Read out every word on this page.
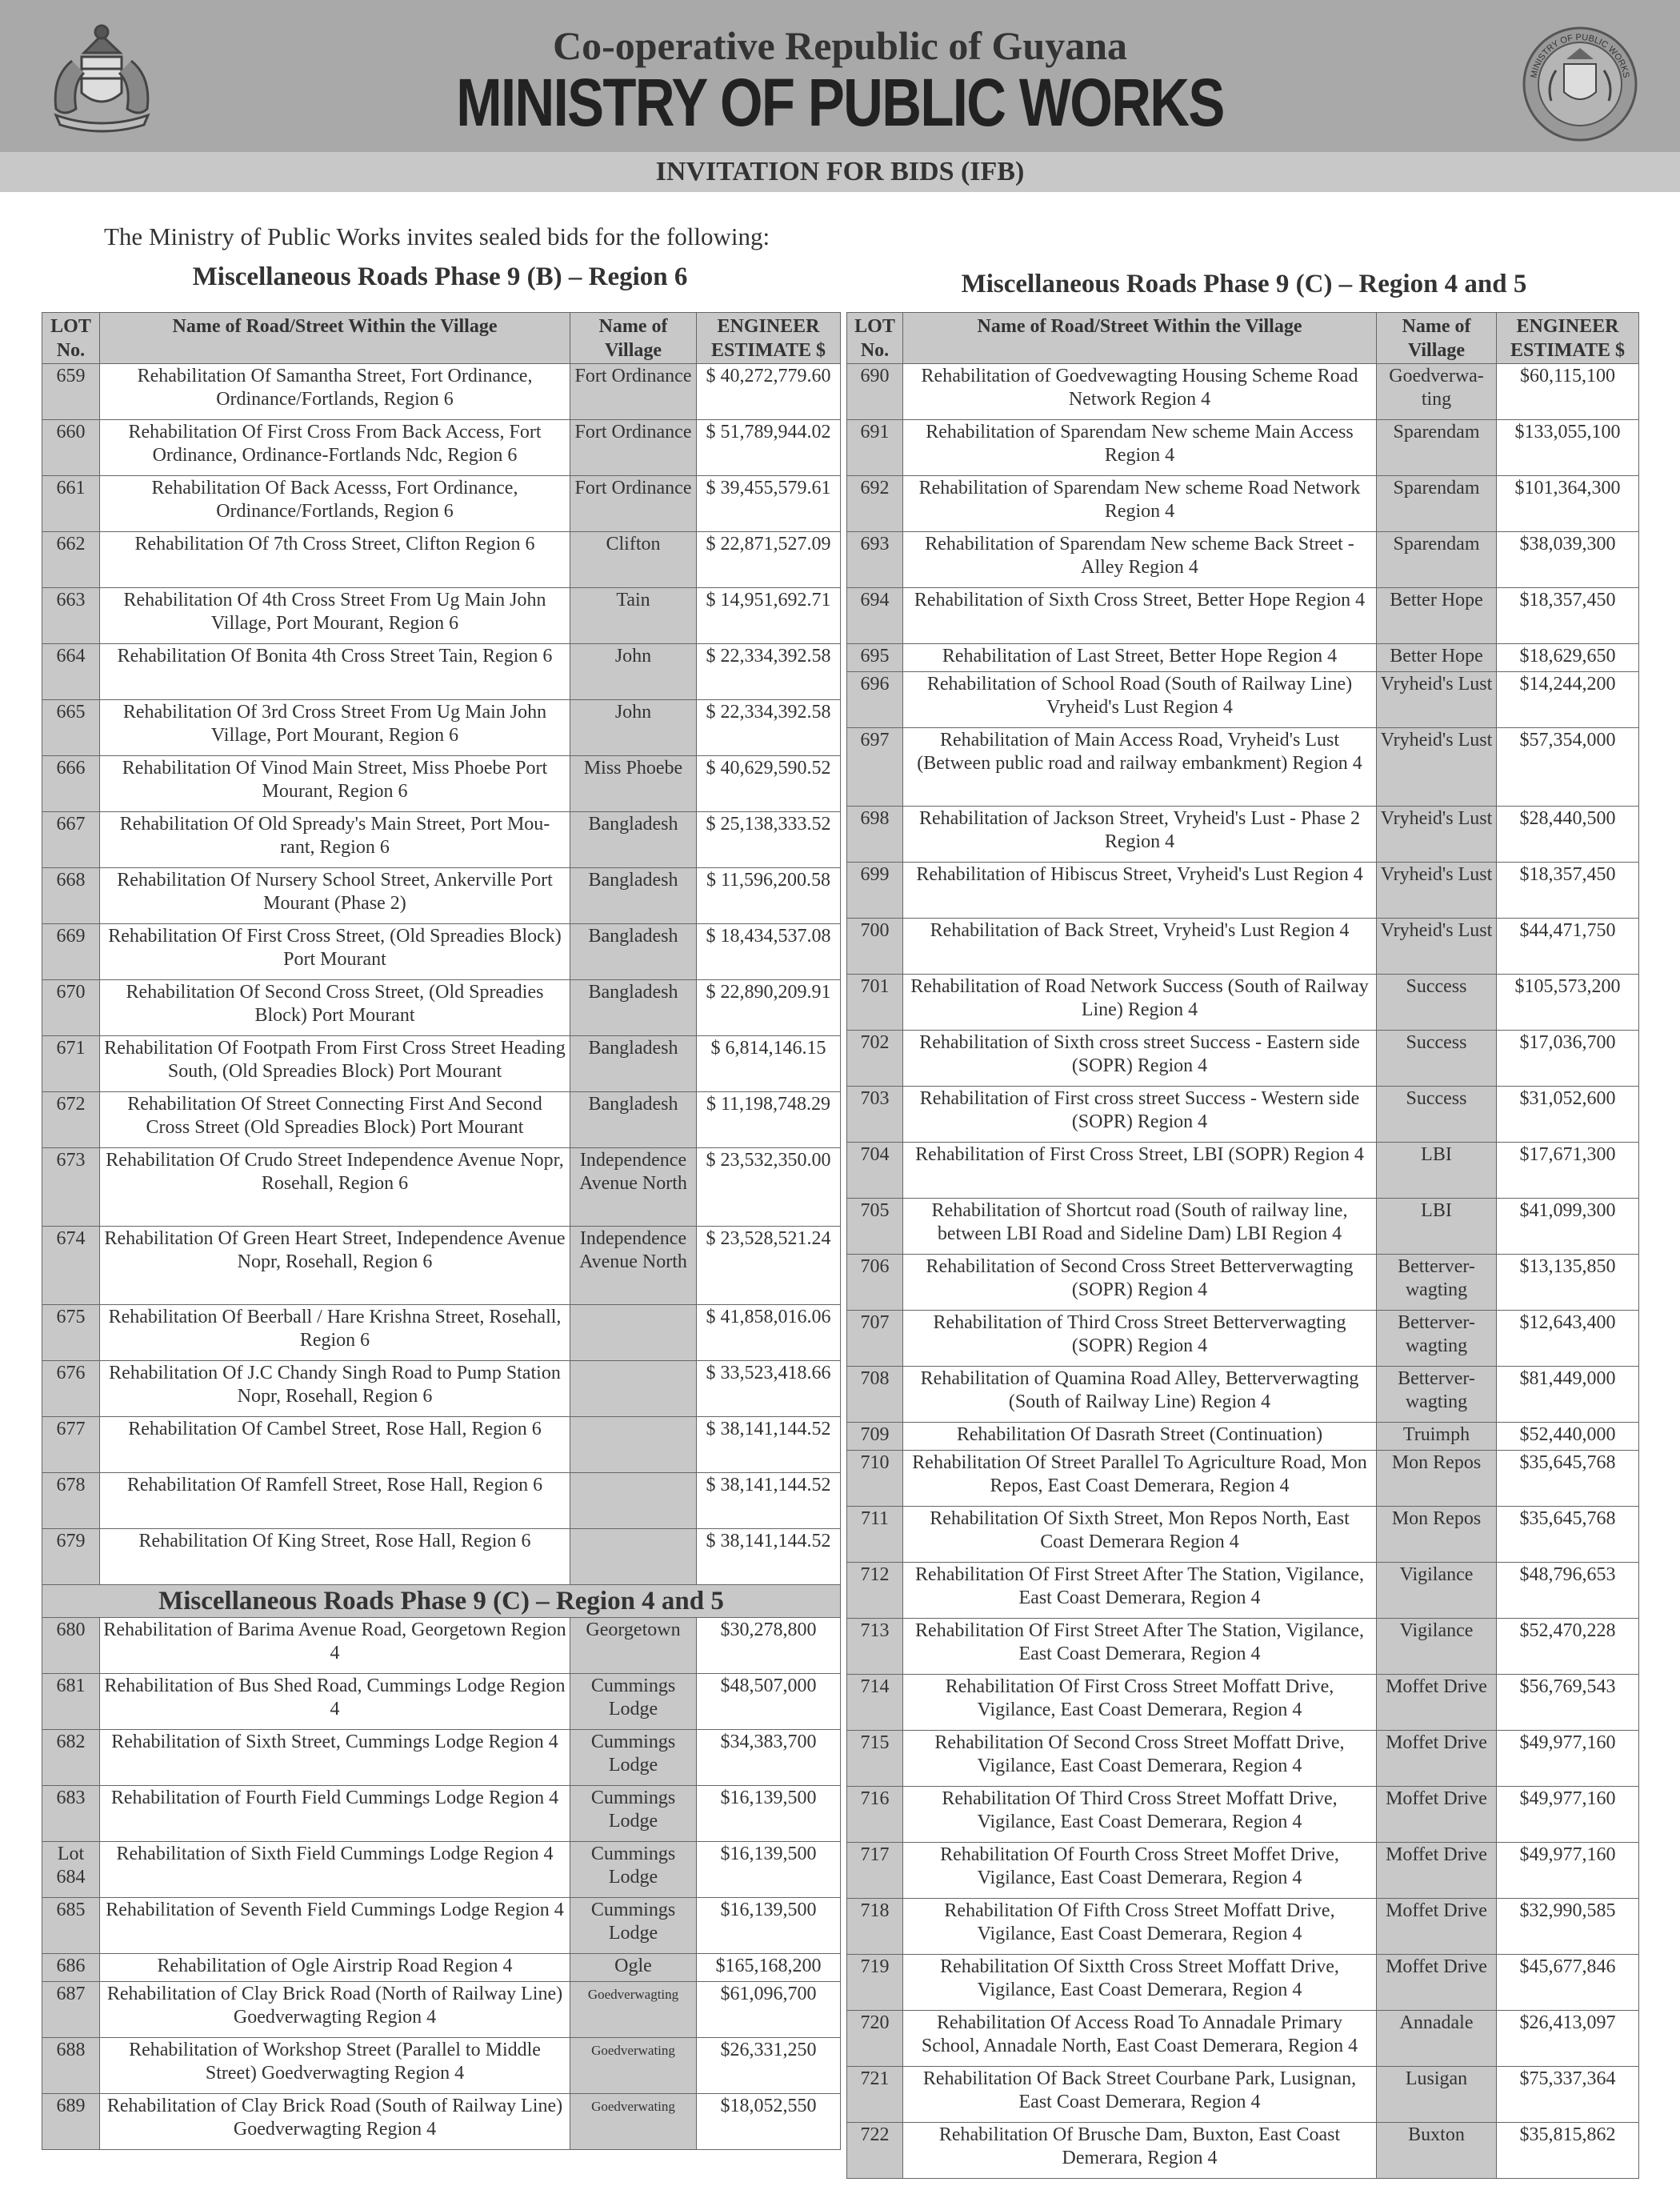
MINISTRY OF PUBLIC WORKS
Co-operative Republic of Guyana
MINISTRY OF PUBLIC WORKS
INVITATION FOR BIDS (IFB)
The Ministry of Public Works invites sealed bids for the following:
Miscellaneous Roads Phase 9 (B) – Region 6	Miscellaneous Roads Phase 9 (C) – Region 4 and 5
LOT No.	Name of Road/Street Within the Village	Name of Village	ENGINEER ESTIMATE $
659	Rehabilitation Of Samantha Street, Fort Ordinance, Ordinance/Fortlands, Region 6	Fort Ordinance	$ 40,272,779.60
660	Rehabilitation Of First Cross From Back Access, Fort Ordinance, Ordinance-Fortlands Ndc, Region 6	Fort Ordinance	$ 51,789,944.02
661	Rehabilitation Of Back Acesss, Fort Ordinance, Ordinance/Fortlands, Region 6	Fort Ordinance	$ 39,455,579.61
662	Rehabilitation Of 7th Cross Street, Clifton Region 6	Clifton	$ 22,871,527.09
663	Rehabilitation Of 4th Cross Street From Ug Main John Village, Port Mourant, Region 6	Tain	$ 14,951,692.71
664	Rehabilitation Of Bonita 4th Cross Street Tain, Region 6	John	$ 22,334,392.58
665	Rehabilitation Of 3rd Cross Street From Ug Main John Village, Port Mourant, Region 6	John	$ 22,334,392.58
666	Rehabilitation Of Vinod Main Street, Miss Phoebe Port Mourant, Region 6	Miss Phoebe	$ 40,629,590.52
667	Rehabilitation Of Old Spready's Main Street, Port Mou-rant, Region 6	Bangladesh	$ 25,138,333.52
668	Rehabilitation Of Nursery School Street, Ankerville Port Mourant (Phase 2)	Bangladesh	$ 11,596,200.58
669	Rehabilitation Of First Cross Street, (Old Spreadies Block) Port Mourant	Bangladesh	$ 18,434,537.08
670	Rehabilitation Of Second Cross Street, (Old Spreadies Block) Port Mourant	Bangladesh	$ 22,890,209.91
671	Rehabilitation Of Footpath From First Cross Street Heading South, (Old Spreadies Block) Port Mourant	Bangladesh	$ 6,814,146.15
672	Rehabilitation Of Street Connecting First And Second Cross Street (Old Spreadies Block) Port Mourant	Bangladesh	$ 11,198,748.29
673	Rehabilitation Of Crudo Street Independence Avenue Nopr, Rosehall, Region 6	Independence Avenue North	$ 23,532,350.00
674	Rehabilitation Of Green Heart Street, Independence Avenue Nopr, Rosehall, Region 6	Independence Avenue North	$ 23,528,521.24
675	Rehabilitation Of Beerball / Hare Krishna Street, Rosehall, Region 6		$ 41,858,016.06
676	Rehabilitation Of J.C Chandy Singh Road to Pump Station Nopr, Rosehall, Region 6		$ 33,523,418.66
677	Rehabilitation Of Cambel Street, Rose Hall, Region 6		$ 38,141,144.52
678	Rehabilitation Of Ramfell Street, Rose Hall, Region 6		$ 38,141,144.52
679	Rehabilitation Of King Street, Rose Hall, Region 6		$ 38,141,144.52
Miscellaneous Roads Phase 9 (C) – Region 4 and 5			
680	Rehabilitation of Barima Avenue Road, Georgetown Region 4	Georgetown	$30,278,800
681	Rehabilitation of Bus Shed Road, Cummings Lodge Region 4	Cummings Lodge	$48,507,000
682	Rehabilitation of Sixth Street, Cummings Lodge Region 4	Cummings Lodge	$34,383,700
683	Rehabilitation of Fourth Field Cummings Lodge Region 4	Cummings Lodge	$16,139,500
Lot 684	Rehabilitation of Sixth Field Cummings Lodge Region 4	Cummings Lodge	$16,139,500
685	Rehabilitation of Seventh Field Cummings Lodge Region 4	Cummings Lodge	$16,139,500
686	Rehabilitation of Ogle Airstrip Road Region 4	Ogle	$165,168,200
687	Rehabilitation of Clay Brick Road (North of Railway Line) Goedverwagting Region 4	Goedverwagting	$61,096,700
688	Rehabilitation of Workshop Street (Parallel to Middle Street) Goedverwagting Region 4	Goedverwating	$26,331,250
689	Rehabilitation of Clay Brick Road (South of Railway Line) Goedverwagting Region 4	Goedverwating	$18,052,550
LOT No.	Name of Road/Street Within the Village	Name of Village	ENGINEER ESTIMATE $
690	Rehabilitation of Goedvewagting Housing Scheme Road Network Region 4	Goedverwa-ting	$60,115,100
691	Rehabilitation of Sparendam New scheme Main Access Region 4	Sparendam	$133,055,100
692	Rehabilitation of Sparendam New scheme Road Network Region 4	Sparendam	$101,364,300
693	Rehabilitation of Sparendam New scheme Back Street - Alley Region 4	Sparendam	$38,039,300
694	Rehabilitation of Sixth Cross Street, Better Hope Region 4	Better Hope	$18,357,450
695	Rehabilitation of Last Street, Better Hope Region 4	Better Hope	$18,629,650
696	Rehabilitation of School Road (South of Railway Line) Vryheid's Lust Region 4	Vryheid's Lust	$14,244,200
697	Rehabilitation of Main Access Road, Vryheid's Lust (Between public road and railway embankment) Region 4	Vryheid's Lust	$57,354,000
698	Rehabilitation of Jackson Street, Vryheid's Lust - Phase 2 Region 4	Vryheid's Lust	$28,440,500
699	Rehabilitation of Hibiscus Street, Vryheid's Lust Region 4	Vryheid's Lust	$18,357,450
700	Rehabilitation of Back Street, Vryheid's Lust Region 4	Vryheid's Lust	$44,471,750
701	Rehabilitation of Road Network Success (South of Railway Line) Region 4	Success	$105,573,200
702	Rehabilitation of Sixth cross street Success - Eastern side (SOPR) Region 4	Success	$17,036,700
703	Rehabilitation of First cross street Success - Western side (SOPR) Region 4	Success	$31,052,600
704	Rehabilitation of First Cross Street, LBI (SOPR) Region 4	LBI	$17,671,300
705	Rehabilitation of Shortcut road (South of railway line, between LBI Road and Sideline Dam) LBI Region 4	LBI	$41,099,300
706	Rehabilitation of Second Cross Street Betterverwagting (SOPR) Region 4	Betterver-wagting	$13,135,850
707	Rehabilitation of Third Cross Street Betterverwagting (SOPR) Region 4	Betterver-wagting	$12,643,400
708	Rehabilitation of Quamina Road Alley, Betterverwagting (South of Railway Line) Region 4	Betterver-wagting	$81,449,000
709	Rehabilitation Of Dasrath Street (Continuation)	Truimph	$52,440,000
710	Rehabilitation Of Street Parallel To Agriculture Road, Mon Repos, East Coast Demerara, Region 4	Mon Repos	$35,645,768
711	Rehabilitation Of Sixth Street, Mon Repos North, East Coast Demerara Region 4	Mon Repos	$35,645,768
712	Rehabilitation Of First Street After The Station, Vigilance, East Coast Demerara, Region 4	Vigilance	$48,796,653
713	Rehabilitation Of First Street After The Station, Vigilance, East Coast Demerara, Region 4	Vigilance	$52,470,228
714	Rehabilitation Of First Cross Street Moffatt Drive, Vigilance, East Coast Demerara, Region 4	Moffet Drive	$56,769,543
715	Rehabilitation Of Second Cross Street Moffatt Drive, Vigilance, East Coast Demerara, Region 4	Moffet Drive	$49,977,160
716	Rehabilitation Of Third Cross Street Moffatt Drive, Vigilance, East Coast Demerara, Region 4	Moffet Drive	$49,977,160
717	Rehabilitation Of Fourth Cross Street Moffet Drive, Vigilance, East Coast Demerara, Region 4	Moffet Drive	$49,977,160
718	Rehabilitation Of Fifth Cross Street Moffatt Drive, Vigilance, East Coast Demerara, Region 4	Moffet Drive	$32,990,585
719	Rehabilitation Of Sixtth Cross Street Moffatt Drive, Vigilance, East Coast Demerara, Region 4	Moffet Drive	$45,677,846
720	Rehabilitation Of Access Road To Annadale Primary School, Annadale North, East Coast Demerara, Region 4	Annadale	$26,413,097
721	Rehabilitation Of Back Street Courbane Park, Lusignan, East Coast Demerara, Region 4	Lusigan	$75,337,364
722	Rehabilitation Of Brusche Dam, Buxton, East Coast Demerara, Region 4	Buxton	$35,815,862
